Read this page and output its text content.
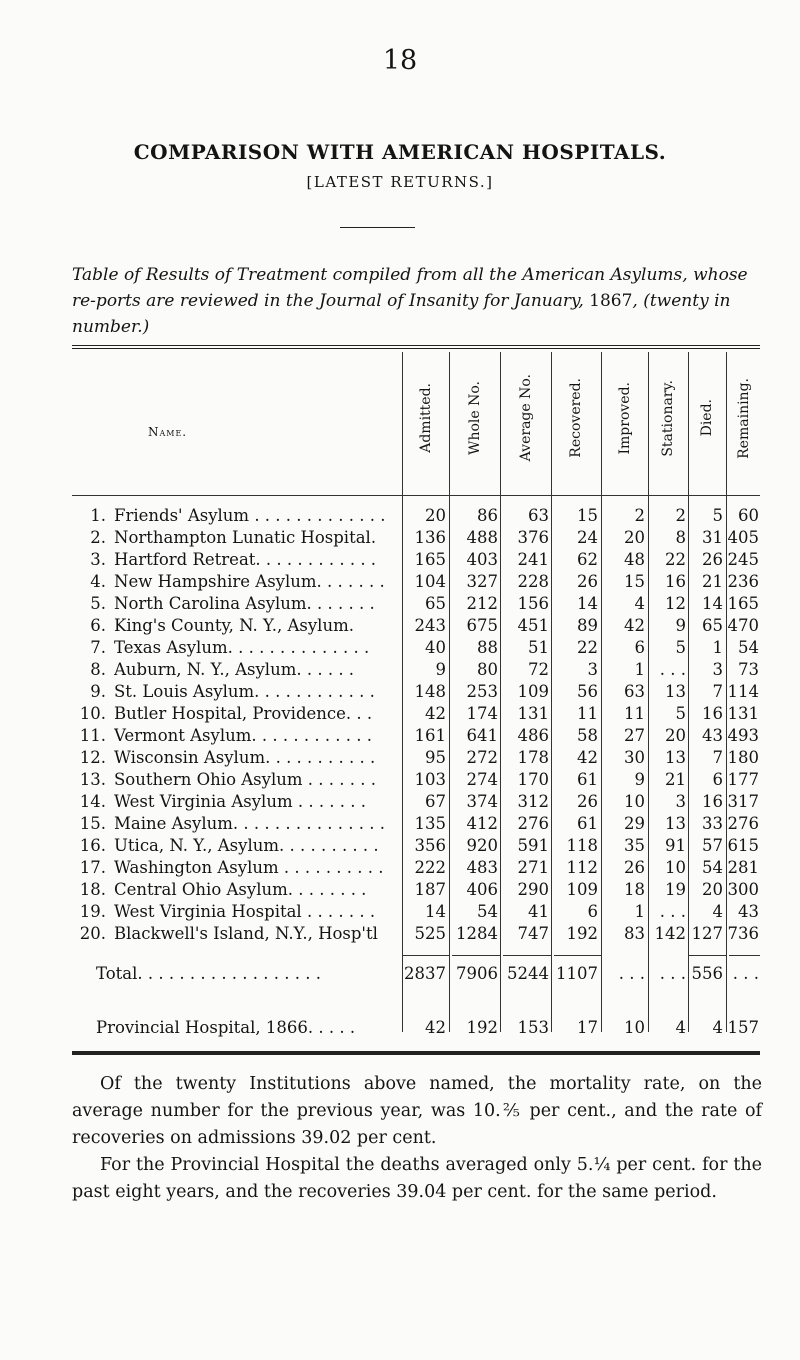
18
COMPARISON WITH AMERICAN HOSPITALS.
[LATEST RETURNS.]
Table of Results of Treatment compiled from all the American Asylums, whose re-ports are reviewed in the Journal of Insanity for January, 1867, (twenty in number.)
Name.	Admitted. Whole No.	Average No. Recovered. Improved. Stationary. Died. Remaining.
1. Friends' Asylum . . . . . . . . . . . . .	20 86 63 15 2 2 5 60
2. Northampton Lunatic Hospital.	136 488 376 24 20 8 31 405
3. Hartford Retreat. . . . . . . . . . . .	165 403 241 62 48 22 26 245
4. New Hampshire Asylum. . . . . . .	104 327 228 26 15 16 21 236
5. North Carolina Asylum. . . . . . .	65 212 156 14 4 12 14 165
6. King's County, N. Y., Asylum.	243 675 451 89 42 9 65 470
7. Texas Asylum. . . . . . . . . . . . . .	40 88 51 22 6 5 1 54
8. Auburn, N. Y., Asylum. . . . . .	9 80 72 3 1 . . . 3 73
9. St. Louis Asylum. . . . . . . . . . . .	148 253 109 56 63 13 7 114
10. Butler Hospital, Providence. . .	42 174 131 11 11 5 16 131
11. Vermont Asylum. . . . . . . . . . . .	161 641 486 58 27 20 43 493
12. Wisconsin Asylum. . . . . . . . . . .	95 272 178 42 30 13 7 180
13. Southern Ohio Asylum . . . . . . .	103 274 170 61 9 21 6 177
14. West Virginia Asylum . . . . . . .	67 374 312 26 10 3 16 317
15. Maine Asylum. . . . . . . . . . . . . . .	135 412 276 61 29 13 33 276
16. Utica, N. Y., Asylum. . . . . . . . . .	356 920 591 118 35 91 57 615
17. Washington Asylum . . . . . . . . . .	222 483 271 112 26 10 54 281
18. Central Ohio Asylum. . . . . . . .	187 406 290 109 18 19 20 300
19. West Virginia Hospital . . . . . . .	14 54 41 6 1 . . . 4 43
20. Blackwell's Island, N.Y., Hosp'tl	525 1284 747 192 83 142 127 736
Total. . . . . . . . . . . . . . . . . .	2837 7906 5244 1107 . . . . . . 556 . . .
Provincial Hospital, 1866. . . . .	42 192 153 17 10 4 4 157
Of the twenty Institutions above named, the mortality rate, on the average number for the previous year, was 10.⅖ per cent., and the rate of recoveries on admissions 39.02 per cent.
For the Provincial Hospital the deaths averaged only 5.¼ per cent. for the past eight years, and the recoveries 39.04 per cent. for the same period.
